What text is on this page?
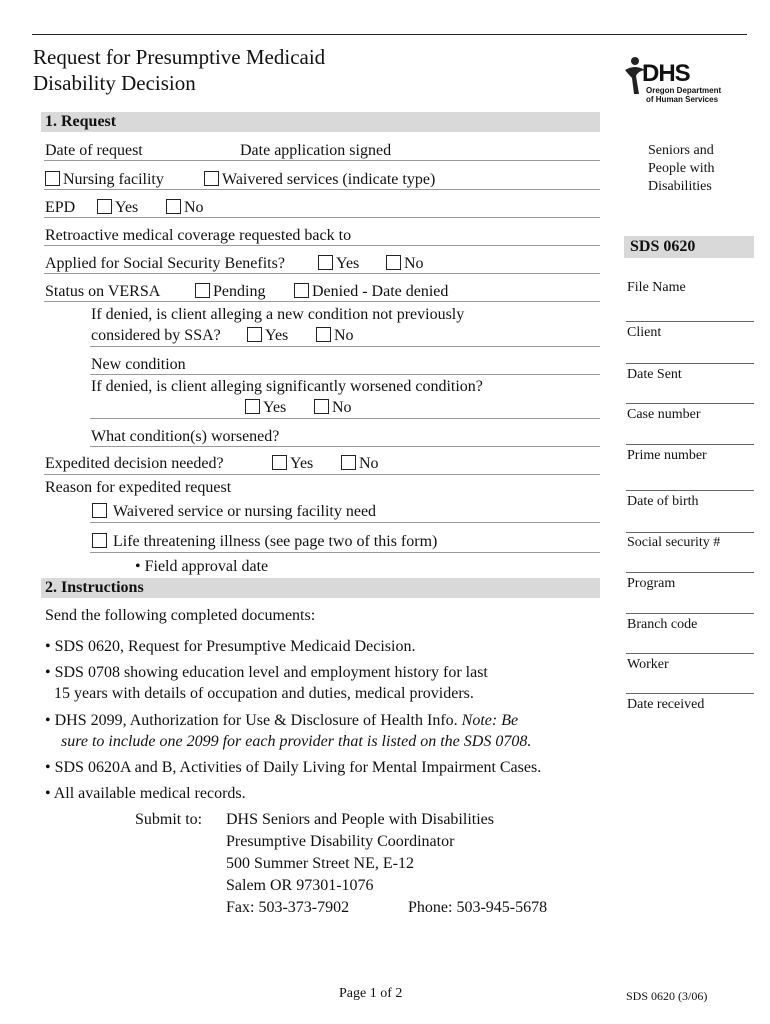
Request for Presumptive Medicaid
Disability Decision	DHS
Oregon Department
of Human Services
Seniors and
People with
Disabilities
SDS 0620
File Name
Client
Date Sent
Case number
Prime number
Date of birth
Social security #
Program
Branch code
Worker
Date received
1. Request
Date of request	Date application signed
Nursing facility	Waivered services (indicate type)
EPD	Yes	No
Retroactive medical coverage requested back to
Applied for Social Security Benefits?	Yes	No
Status on VERSA	Pending	Denied - Date denied
If denied, is client alleging a new condition not previously
considered by SSA?	Yes	No
New condition
If denied, is client alleging significantly worsened condition?
Yes	No
What condition(s) worsened?
Expedited decision needed?	Yes	No
Reason for expedited request
Waivered service or nursing facility need
Life threatening illness (see page two of this form)
• Field approval date
2. Instructions
Send the following completed documents:
• SDS 0620, Request for Presumptive Medicaid Decision.
• SDS 0708 showing education level and employment history for last
15 years with details of occupation and duties, medical providers.
• DHS 2099, Authorization for Use & Disclosure of Health Info. Note: Be
sure to include one 2099 for each provider that is listed on the SDS 0708.
• SDS 0620A and B, Activities of Daily Living for Mental Impairment Cases.
• All available medical records.
Submit to: DHS Seniors and People with Disabilities
Presumptive Disability Coordinator
500 Summer Street NE, E-12
Salem OR 97301-1076
Fax: 503-373-7902	Phone: 503-945-5678
Page 1 of 2	SDS 0620 (3/06)
